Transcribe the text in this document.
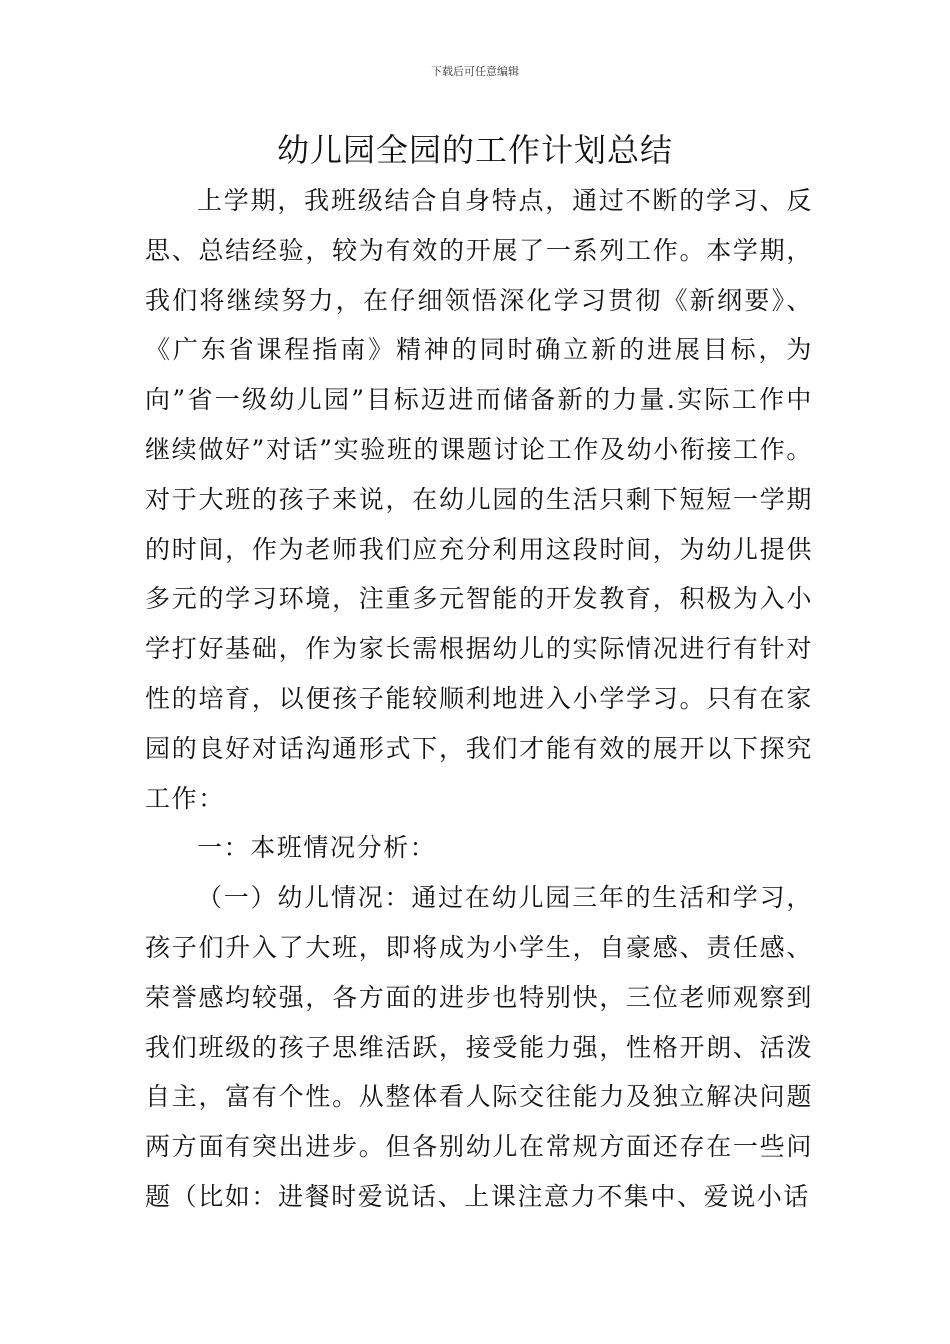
下载后可任意编辑
幼儿园全园的工作计划总结

上学期，我班级结合自身特点，通过不断的学习、反思、总结经验，较为有效的开展了一系列工作。本学期，我们将继续努力，在仔细领悟深化学习贯彻《新纲要》、《广东省课程指南》精神的同时确立新的进展目标，为向”省一级幼儿园”目标迈进而储备新的力量.实际工作中继续做好”对话”实验班的课题讨论工作及幼小衔接工作。对于大班的孩子来说，在幼儿园的生活只剩下短短一学期的时间，作为老师我们应充分利用这段时间，为幼儿提供多元的学习环境，注重多元智能的开发教育，积极为入小学打好基础，作为家长需根据幼儿的实际情况进行有针对性的培育，以便孩子能较顺利地进入小学学习。只有在家园的良好对话沟通形式下，我们才能有效的展开以下探究工作：

一：本班情况分析：

（一）幼儿情况：通过在幼儿园三年的生活和学习，孩子们升入了大班，即将成为小学生，自豪感、责任感、荣誉感均较强，各方面的进步也特别快，三位老师观察到我们班级的孩子思维活跃，接受能力强，性格开朗、活泼自主，富有个性。从整体看人际交往能力及独立解决问题两方面有突出进步。但各别幼儿在常规方面还存在一些问题（比如：进餐时爱说话、上课注意力不集中、爱说小话
